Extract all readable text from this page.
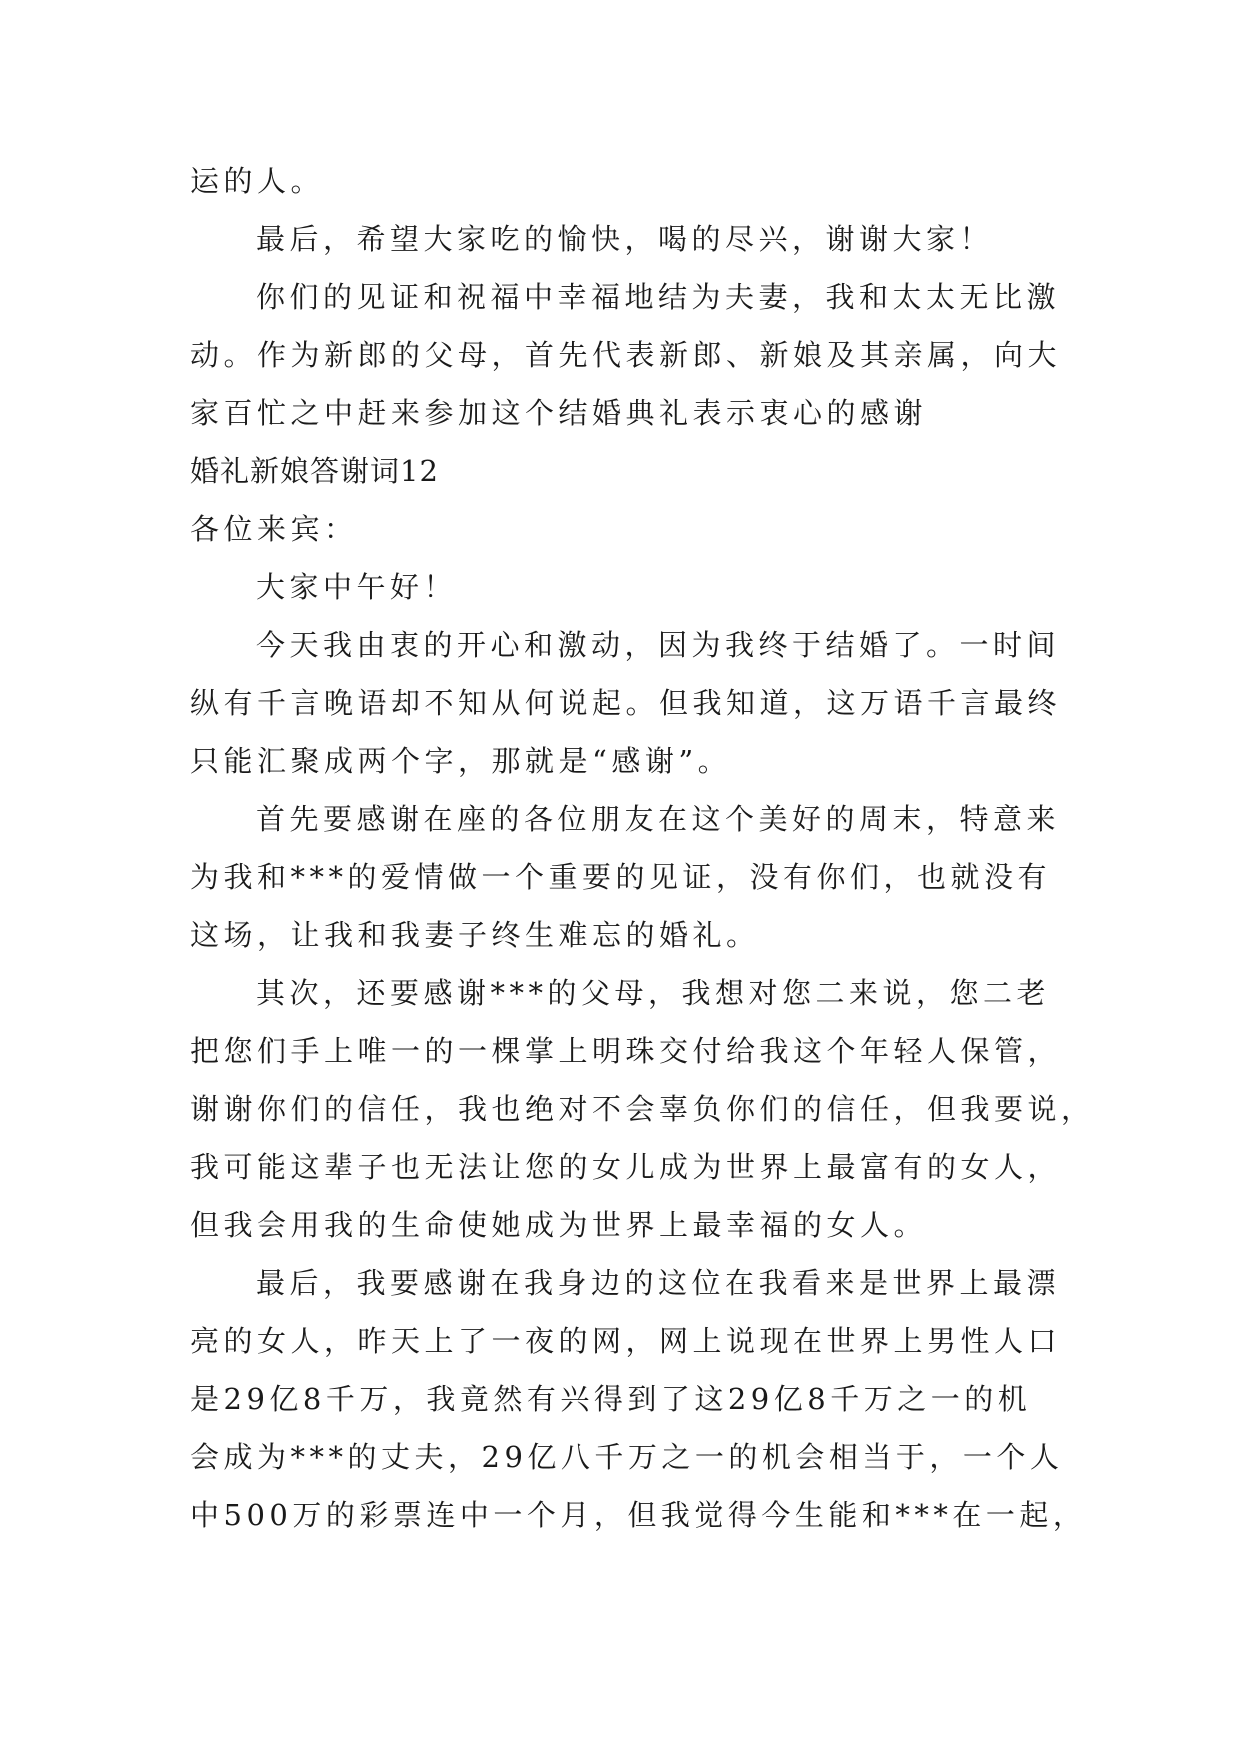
运的人。
最后，希望大家吃的愉快，喝的尽兴，谢谢大家！
你们的见证和祝福中幸福地结为夫妻，我和太太无比激
动。作为新郎的父母，首先代表新郎、新娘及其亲属，向大
家百忙之中赶来参加这个结婚典礼表示衷心的感谢
婚礼新娘答谢词12
各位来宾：
大家中午好！
今天我由衷的开心和激动，因为我终于结婚了。一时间
纵有千言晚语却不知从何说起。但我知道，这万语千言最终
只能汇聚成两个字，那就是“感谢”。
首先要感谢在座的各位朋友在这个美好的周末，特意来
为我和***的爱情做一个重要的见证，没有你们，也就没有
这场，让我和我妻子终生难忘的婚礼。
其次，还要感谢***的父母，我想对您二来说，您二老
把您们手上唯一的一棵掌上明珠交付给我这个年轻人保管，
谢谢你们的信任，我也绝对不会辜负你们的信任，但我要说，
我可能这辈子也无法让您的女儿成为世界上最富有的女人，
但我会用我的生命使她成为世界上最幸福的女人。
最后，我要感谢在我身边的这位在我看来是世界上最漂
亮的女人，昨天上了一夜的网，网上说现在世界上男性人口
是29亿8千万，我竟然有兴得到了这29亿8千万之一的机
会成为***的丈夫，29亿八千万之一的机会相当于，一个人
中500万的彩票连中一个月，但我觉得今生能和***在一起，
